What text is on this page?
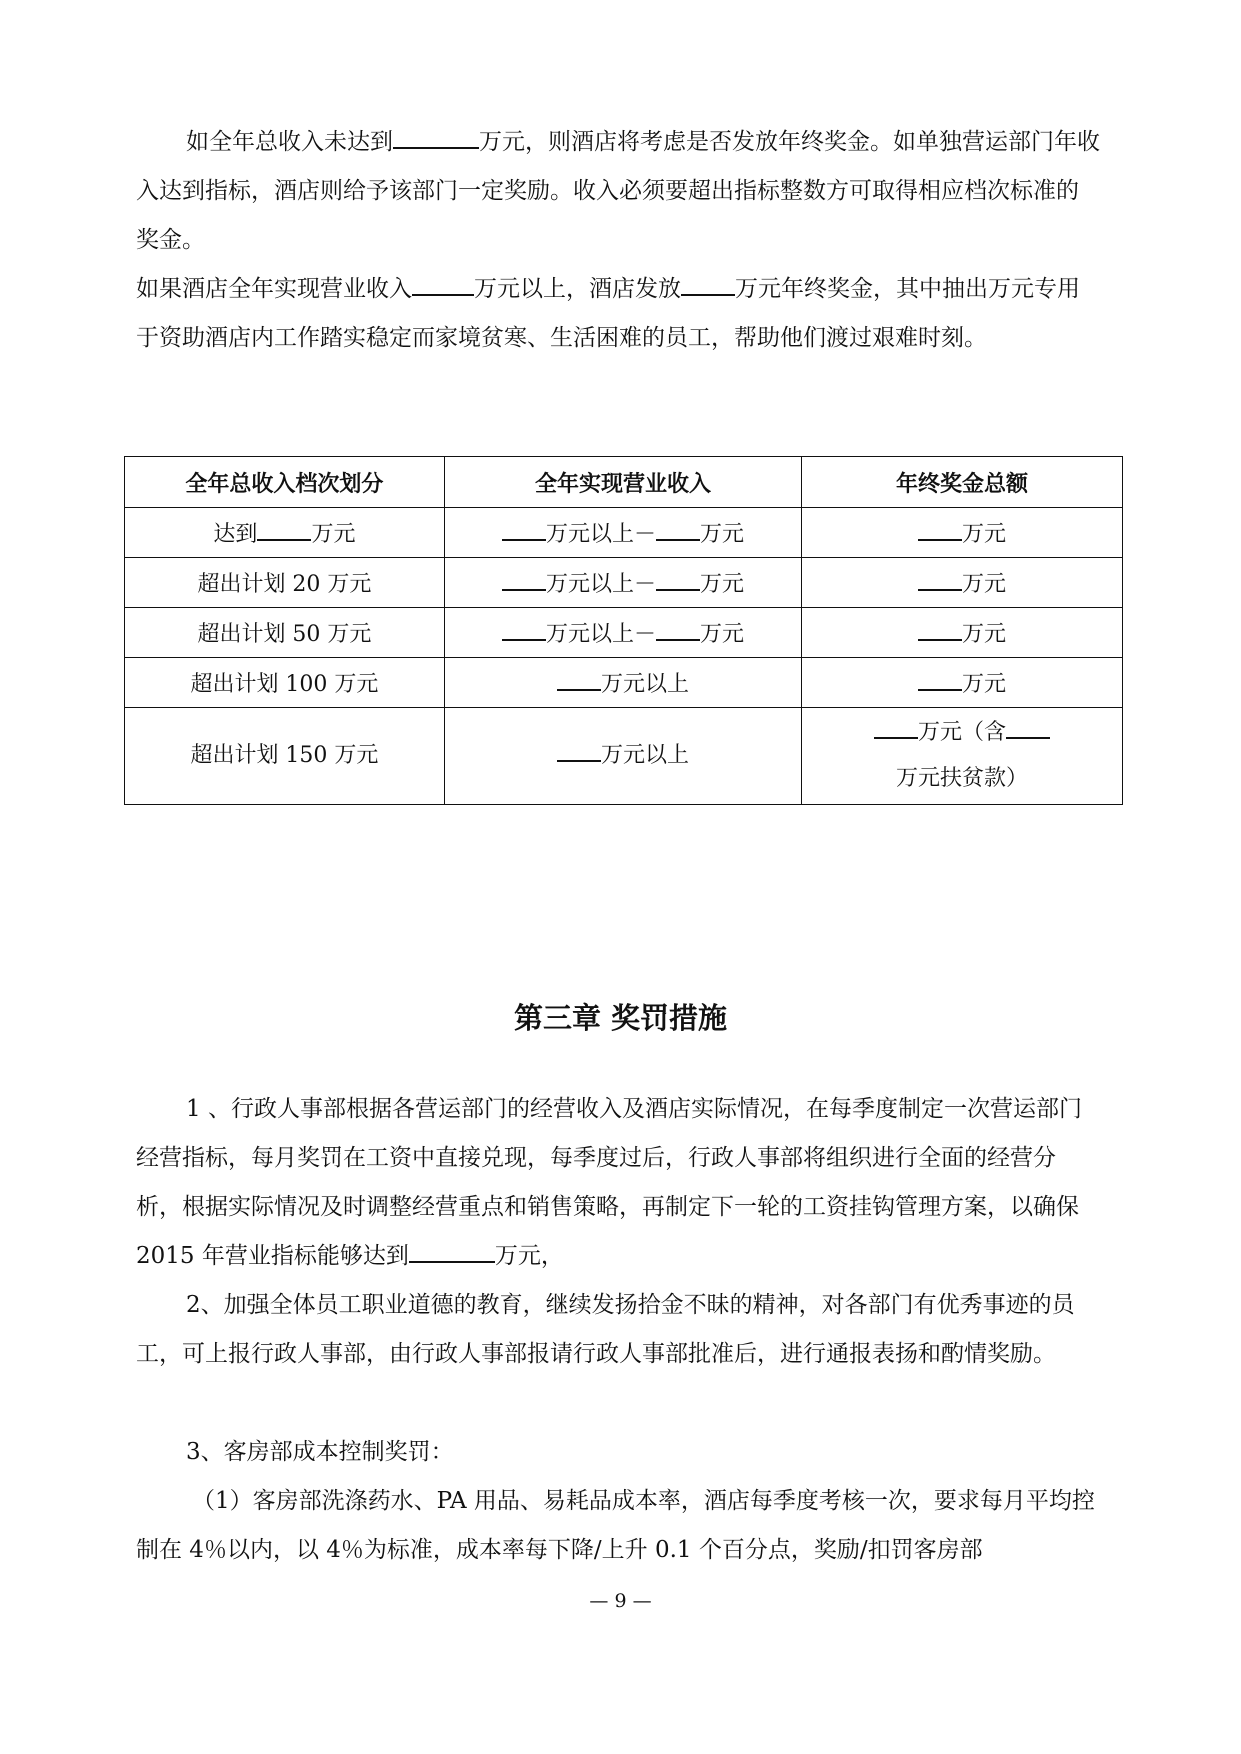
如全年总收入未达到	万元，则酒店将考虑是否发放年终奖金。如单独营运部门年收入达到指标，酒店则给予该部门一定奖励。收入必须要超出指标整数方可取得相应档次标准的奖金。

如果酒店全年实现营业收入	万元以上，酒店发放 万元年终奖金，其中抽出万元专用于资助酒店内工作踏实稳定而家境贫寒、生活困难的员工，帮助他们渡过艰难时刻。

全年总收入档次划分	全年实现营业收入	年终奖金总额
达到 万元	万元以上－ 万元	万元
超出计划 20 万元	万元以上－ 万元	万元
超出计划 50 万元	万元以上－ 万元	万元
超出计划 100 万元	万元以上	万元
超出计划 150 万元	万元以上	万元（含万元扶贫款）
第三章 奖罚措施

1 、行政人事部根据各营运部门的经营收入及酒店实际情况，在每季度制定一次营运部门经营指标，每月奖罚在工资中直接兑现，每季度过后，行政人事部将组织进行全面的经营分析，根据实际情况及时调整经营重点和销售策略，再制定下一轮的工资挂钩管理方案，以确保 2015 年营业指标能够达到	万元，

2、加强全体员工职业道德的教育，继续发扬拾金不昧的精神，对各部门有优秀事迹的员工，可上报行政人事部，由行政人事部报请行政人事部批准后，进行通报表扬和酌情奖励。

3、客房部成本控制奖罚：

（1）客房部洗涤药水、PA 用品、易耗品成本率，酒店每季度考核一次，要求每月平均控制在 4％以内，以 4％为标准，成本率每下降/上升 0.1 个百分点，奖励/扣罚客房部

— 9 —
